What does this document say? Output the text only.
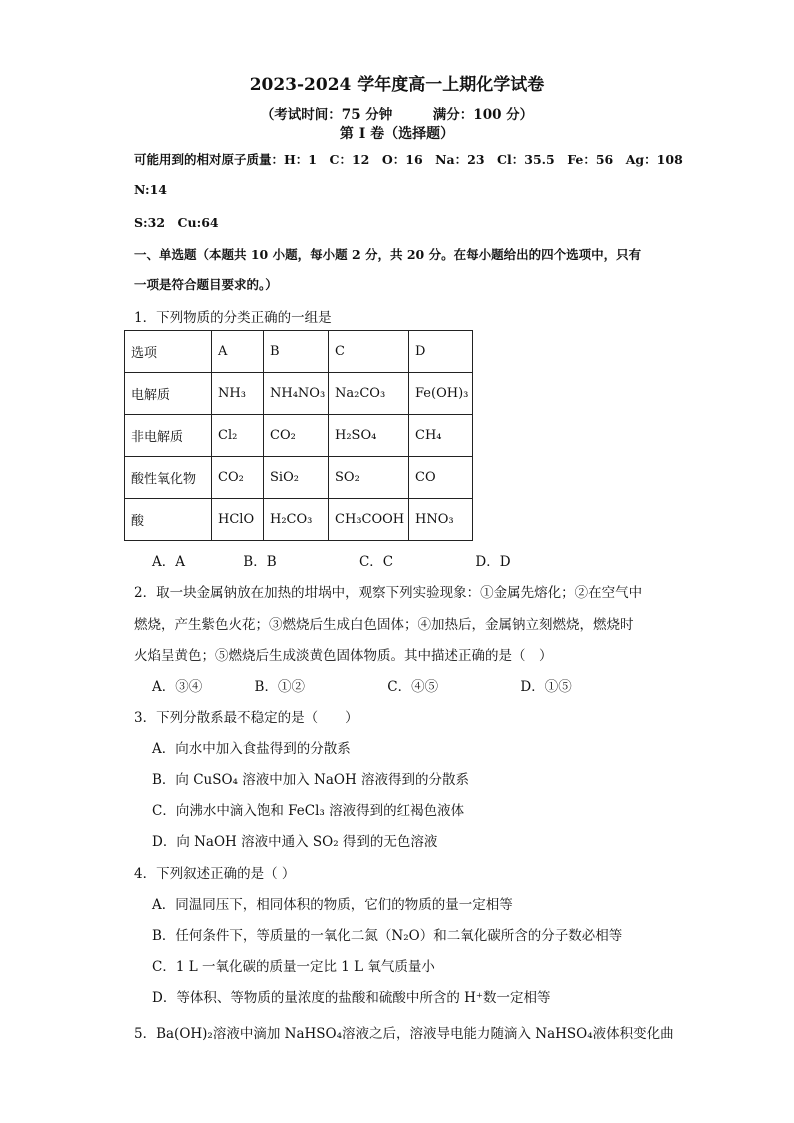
2023-2024 学年度高一上期化学试卷
（考试时间：75 分钟　　　满分：100 分）
第 I 卷（选择题）
可能用到的相对原子质量：H：1　C：12　O：16　Na：23　Cl：35.5　Fe：56　Ag：108
N:14
S:32　Cu:64
一、单选题（本题共 10 小题，每小题 2 分，共 20 分。在每小题给出的四个选项中，只有
一项是符合题目要求的。）
1．下列物质的分类正确的一组是
选项	A	B	C	D
电解质	NH₃	NH₄NO₃	Na₂CO₃	Fe(OH)₃
非电解质	Cl₂	CO₂	H₂SO₄	CH₄
酸性氧化物	CO₂	SiO₂	SO₂	CO
酸	HClO	H₂CO₃	CH₃COOH	HNO₃
A．A	B．B	C．C	D．D
2．取一块金属钠放在加热的坩埚中，观察下列实验现象：①金属先熔化；②在空气中
燃烧，产生紫色火花；③燃烧后生成白色固体；④加热后，金属钠立刻燃烧，燃烧时
火焰呈黄色；⑤燃烧后生成淡黄色固体物质。其中描述正确的是（　）
A．③④	B．①②	C．④⑤	D．①⑤
3．下列分散系最不稳定的是（　　）
A．向水中加入食盐得到的分散系
B．向 CuSO₄ 溶液中加入 NaOH 溶液得到的分散系
C．向沸水中滴入饱和 FeCl₃ 溶液得到的红褐色液体
D．向 NaOH 溶液中通入 SO₂ 得到的无色溶液
4．下列叙述正确的是（ ）
A．同温同压下，相同体积的物质，它们的物质的量一定相等
B．任何条件下，等质量的一氧化二氮（N₂O）和二氧化碳所含的分子数必相等
C．1 L 一氧化碳的质量一定比 1 L 氧气质量小
D．等体积、等物质的量浓度的盐酸和硫酸中所含的 H⁺数一定相等
5．Ba(OH)₂溶液中滴加 NaHSO₄溶液之后，溶液导电能力随滴入 NaHSO₄液体积变化曲
